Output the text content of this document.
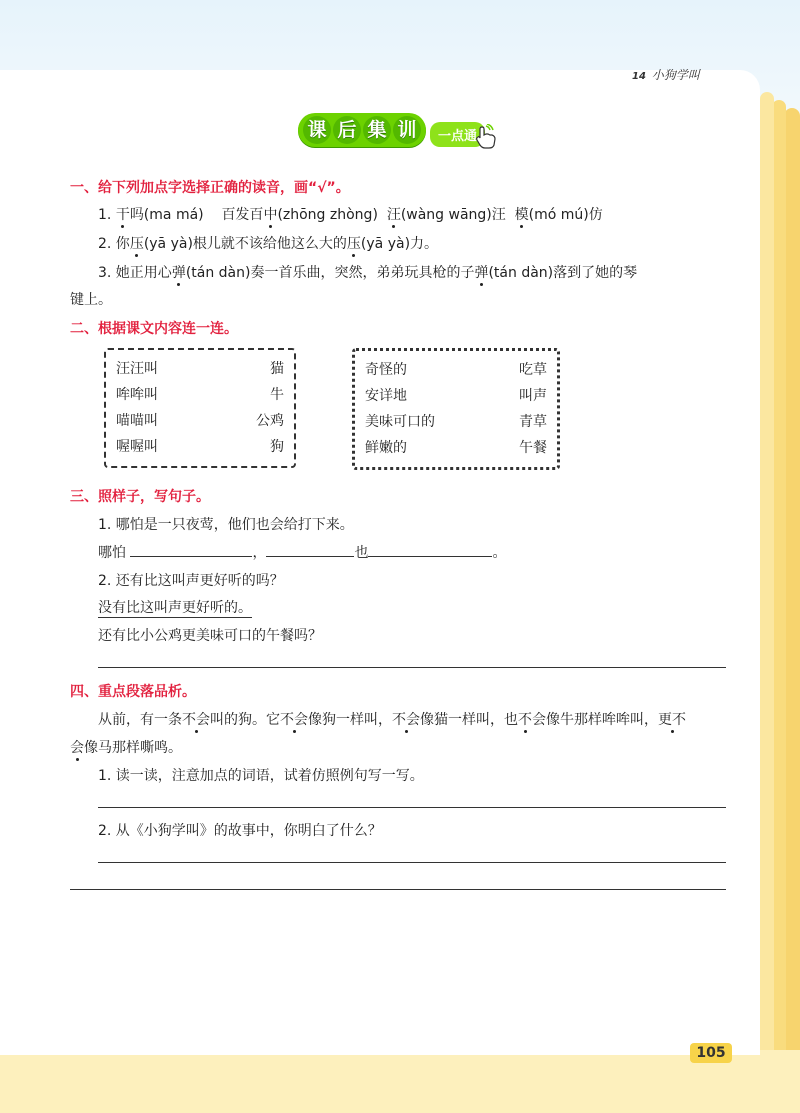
14 小狗学叫
课 后 集 训	一点通
一、给下列加点字选择正确的读音，画“√”。
1. 干吗(ma má) 百发百中(zhōng zhòng) 汪(wàng wāng)汪 模(mó mú)仿
2. 你压(yā yà)根儿就不该给他这么大的压(yā yà)力。
3. 她正用心弹(tán dàn)奏一首乐曲，突然，弟弟玩具枪的子弹(tán dàn)落到了她的琴
键上。
二、根据课文内容连一连。
汪汪叫	猫
哞哞叫	牛
喵喵叫	公鸡
喔喔叫	狗
奇怪的	吃草
安详地	叫声
美味可口的	青草
鲜嫩的	午餐
三、照样子，写句子。
1. 哪怕是一只夜莺，他们也会给打下来。
哪怕	，	也	。
2. 还有比这叫声更好听的吗？
没有比这叫声更好听的。
还有比小公鸡更美味可口的午餐吗？
四、重点段落品析。
从前，有一条不会叫的狗。它不会像狗一样叫，不会像猫一样叫，也不会像牛那样哞哞叫，更不
会像马那样嘶鸣。
1. 读一读，注意加点的词语，试着仿照例句写一写。
2. 从《小狗学叫》的故事中，你明白了什么？
105
